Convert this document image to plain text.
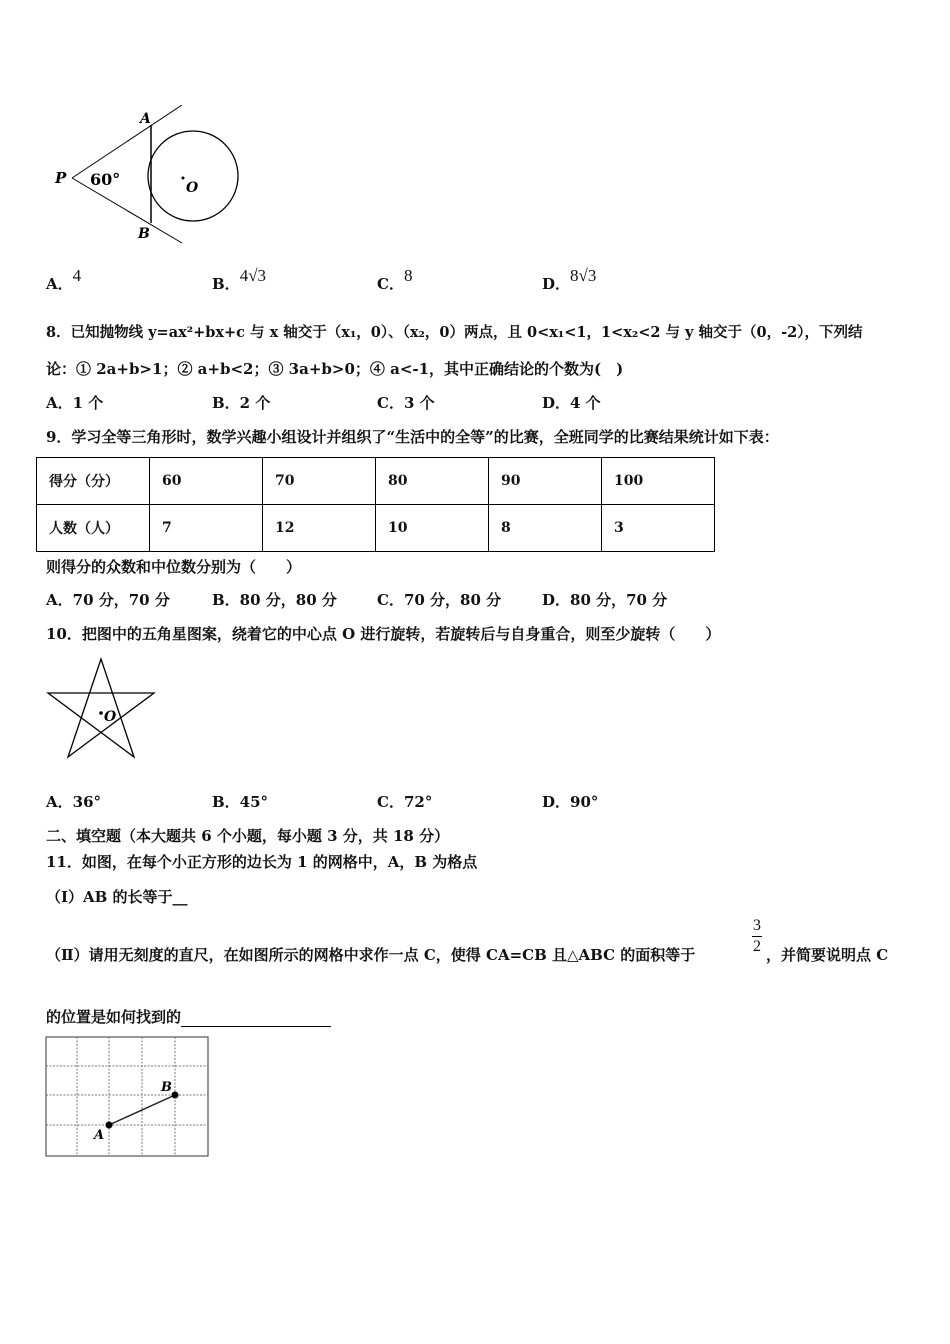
P
A
B
O
60°
A．4	B．4√3	C．8	D．8√3
8．已知抛物线 y=ax²+bx+c 与 x 轴交于（x₁，0）、（x₂，0）两点，且 0<x₁<1，1<x₂<2 与 y 轴交于（0，-2），下列结
论：① 2a+b>1；② a+b<2；③ 3a+b>0；④ a<-1，其中正确结论的个数为(　)
A．1 个	B．2 个	C．3 个	D．4 个
9．学习全等三角形时，数学兴趣小组设计并组织了“生活中的全等”的比赛，全班同学的比赛结果统计如下表：
得分（分）	60	70	80	90	100
人数（人）	7	12	10	8	3
则得分的众数和中位数分别为（　　）
A．70 分，70 分	B．80 分，80 分	C．70 分，80 分	D．80 分，70 分
10．把图中的五角星图案，绕着它的中心点 O 进行旋转，若旋转后与自身重合，则至少旋转（　　）
O
A．36°	B．45°	C．72°	D．90°
二、填空题（本大题共 6 个小题，每小题 3 分，共 18 分）
11．如图，在每个小正方形的边长为 1 的网格中，A，B 为格点
（Ⅰ）AB 的长等于__
（Ⅱ）请用无刻度的直尺，在如图所示的网格中求作一点 C，使得 CA=CB 且△ABC 的面积等于
3
2 ，并简要说明点 C
的位置是如何找到的
A
B
